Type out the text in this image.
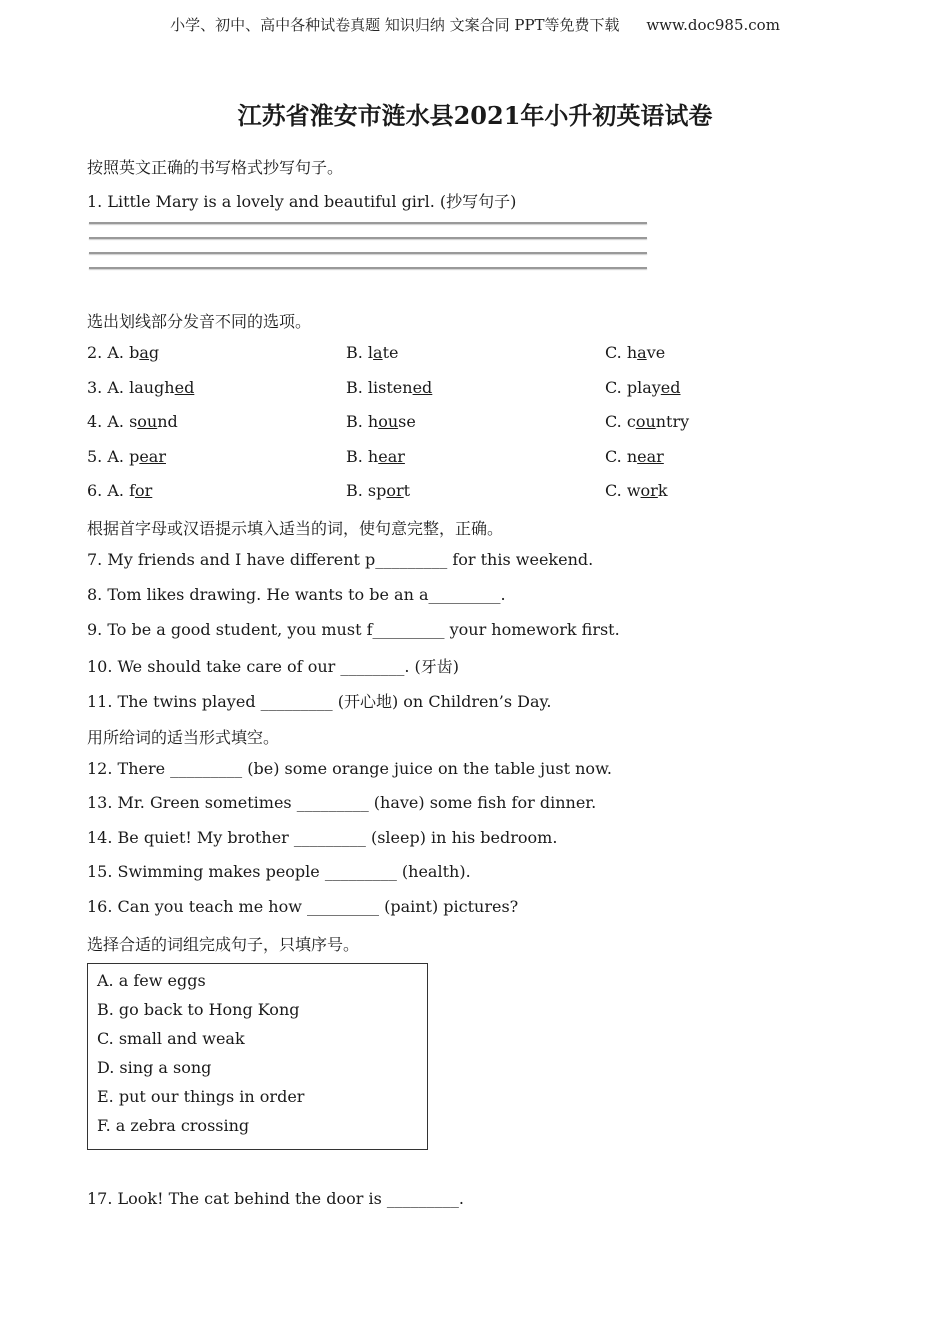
小学、初中、高中各种试卷真题 知识归纳 文案合同 PPT等免费下载 www.doc985.com
江苏省淮安市涟水县2021年小升初英语试卷
按照英文正确的书写格式抄写句子。
1. Little Mary is a lovely and beautiful girl. (抄写句子)
选出划线部分发音不同的选项。
2. A. bag	B. late	C. have
3. A. laughed	B. listened	C. played
4. A. sound	B. house	C. country
5. A. pear	B. hear	C. near
6. A. for	B. sport	C. work
根据首字母或汉语提示填入适当的词，使句意完整，正确。
7. My friends and I have different p_________ for this weekend.
8. Tom likes drawing. He wants to be an a_________.
9. To be a good student, you must f_________ your homework first.
10. We should take care of our ________. (牙齿)
11. The twins played _________ (开心地) on Children’s Day.
用所给词的适当形式填空。
12. There _________ (be) some orange juice on the table just now.
13. Mr. Green sometimes _________ (have) some fish for dinner.
14. Be quiet! My brother _________ (sleep) in his bedroom.
15. Swimming makes people _________ (health).
16. Can you teach me how _________ (paint) pictures?
选择合适的词组完成句子，只填序号。
A. a few eggs
B. go back to Hong Kong
C. small and weak
D. sing a song
E. put our things in order
F. a zebra crossing
17. Look! The cat behind the door is _________.
